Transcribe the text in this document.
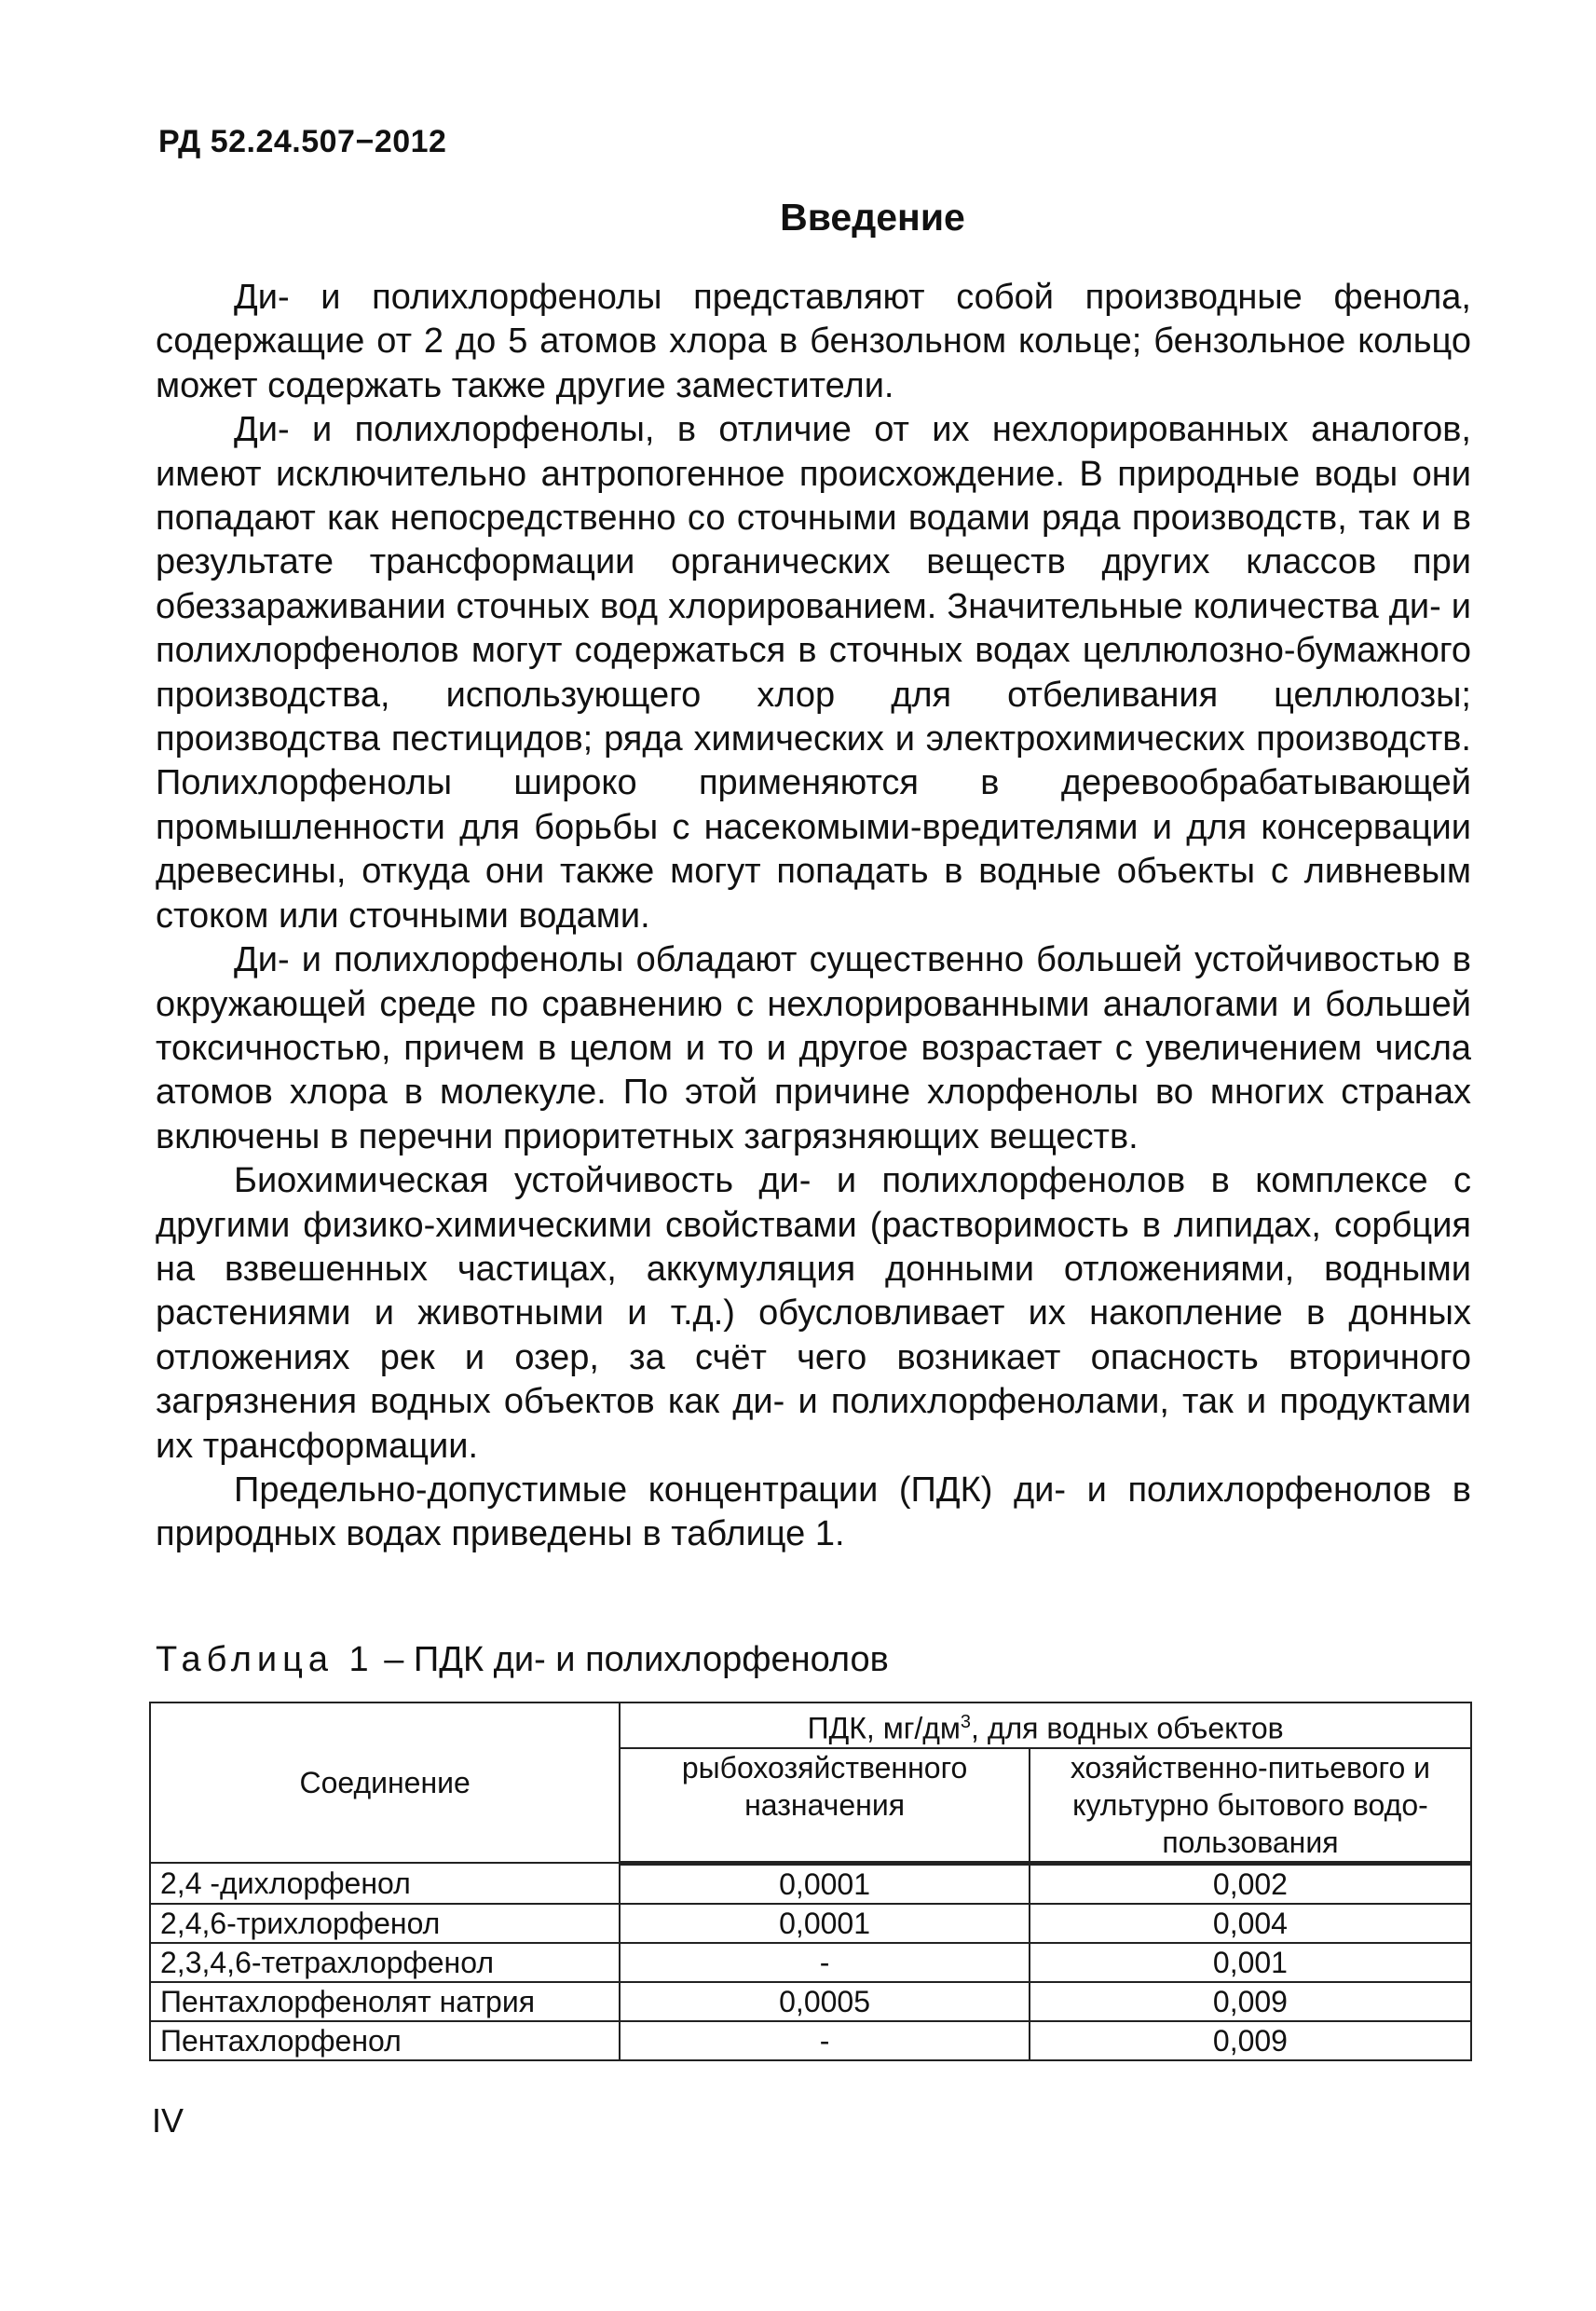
РД 52.24.507−2012
Введение

Ди- и полихлорфенолы представляют собой производные фенола, содержащие от 2 до 5 атомов хлора в бензольном кольце; бензольное кольцо может содержать также другие заместители.

Ди- и полихлорфенолы, в отличие от их нехлорированных аналогов, имеют исключительно антропогенное происхождение. В природные воды они попадают как непосредственно со сточными водами ряда производств, так и в результате трансформации органических веществ других классов при обеззараживании сточных вод хлорированием. Значительные количества ди- и полихлорфенолов могут содержаться в сточных водах целлюлозно-бумажного производства, использующего хлор для отбеливания целлюлозы; производства пестицидов; ряда химических и электрохимических производств. Полихлорфенолы широко применяются в деревообрабатывающей промышленности для борьбы с насекомыми-вредителями и для консервации древесины, откуда они также могут попадать в водные объекты с ливневым стоком или сточными водами.

Ди- и полихлорфенолы обладают существенно большей устойчивостью в окружающей среде по сравнению с нехлорированными аналогами и большей токсичностью, причем в целом и то и другое возрастает с увеличением числа атомов хлора в молекуле. По этой причине хлорфенолы во многих странах включены в перечни приоритетных загрязняющих веществ.

Биохимическая устойчивость ди- и полихлорфенолов в комплексе с другими физико-химическими свойствами (растворимость в липидах, сорбция на взвешенных частицах, аккумуляция донными отложениями, водными растениями и животными и т.д.) обусловливает их накопление в донных отложениях рек и озер, за счёт чего возникает опасность вторичного загрязнения водных объектов как ди- и полихлорфенолами, так и продуктами их трансформации.

Предельно-допустимые концентрации (ПДК) ди- и полихлорфенолов в природных водах приведены в таблице 1.

Таблица 1 – ПДК ди- и полихлорфенолов
Соединение	ПДК, $мг/дм^3$, для водных объектов	
	рыбохозяйственного назначения	хозяйственно-питьевого и культурно бытового водо-пользования
2,4 -дихлорфенол	0,0001	0,002
2,4,6-трихлорфенол	0,0001	0,004
2,3,4,6-тетрахлорфенол	-	0,001
Пентахлорфенолят натрия	0,0005	0,009
Пентахлорфенол	-	0,009
IV
